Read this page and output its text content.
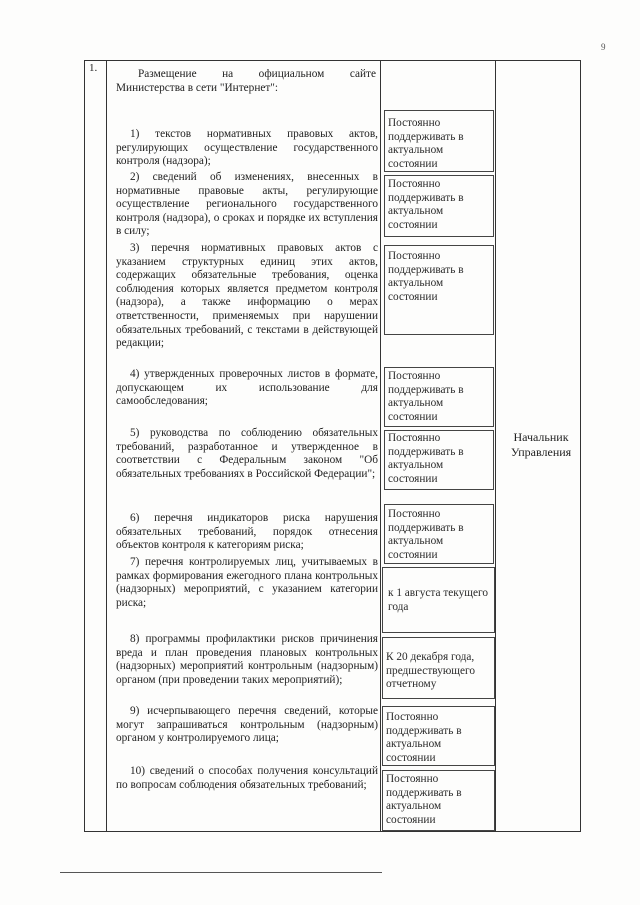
9
1.	Размещение на официальном сайте Министерства в сети "Интернет":
1) текстов нормативных правовых актов, регулирующих осуществление государственного контроля (надзора);
2) сведений об изменениях, внесенных в нормативные правовые акты, регулирующие осуществление регионального государственного контроля (надзора), о сроках и порядке их вступления в силу;
3) перечня нормативных правовых актов с указанием структурных единиц этих актов, содержащих обязательные требования, оценка соблюдения которых является предметом контроля (надзора), а также информацию о мерах ответственности, применяемых при нарушении обязательных требований, с текстами в действующей редакции;
4) утвержденных проверочных листов в формате, допускающем их использование для самообследования;
5) руководства по соблюдению обязательных требований, разработанное и утвержденное в соответствии с Федеральным законом "Об обязательных требованиях в Российской Федерации";
6) перечня индикаторов риска нарушения обязательных требований, порядок отнесения объектов контроля к категориям риска;
7) перечня контролируемых лиц, учитываемых в рамках формирования ежегодного плана контрольных (надзорных) мероприятий, с указанием категории риска;
8) программы профилактики рисков причинения вреда и план проведения плановых контрольных (надзорных) мероприятий контрольным (надзорным) органом (при проведении таких мероприятий);
9) исчерпывающего перечня сведений, которые могут запрашиваться контрольным (надзорным) органом у контролируемого лица;
10) сведений о способах получения консультаций по вопросам соблюдения обязательных требований;
Постоянно поддерживать в актуальном состоянии
Постоянно поддерживать в актуальном состоянии
Постоянно поддерживать в актуальном состоянии
Постоянно поддерживать в актуальном состоянии
Постоянно поддерживать в актуальном состоянии
Постоянно поддерживать в актуальном состоянии
к 1 августа текущего года
К 20 декабря года, предшествующего отчетному
Постоянно поддерживать в актуальном состоянии
Постоянно поддерживать в актуальном состоянии
Начальник Управления
